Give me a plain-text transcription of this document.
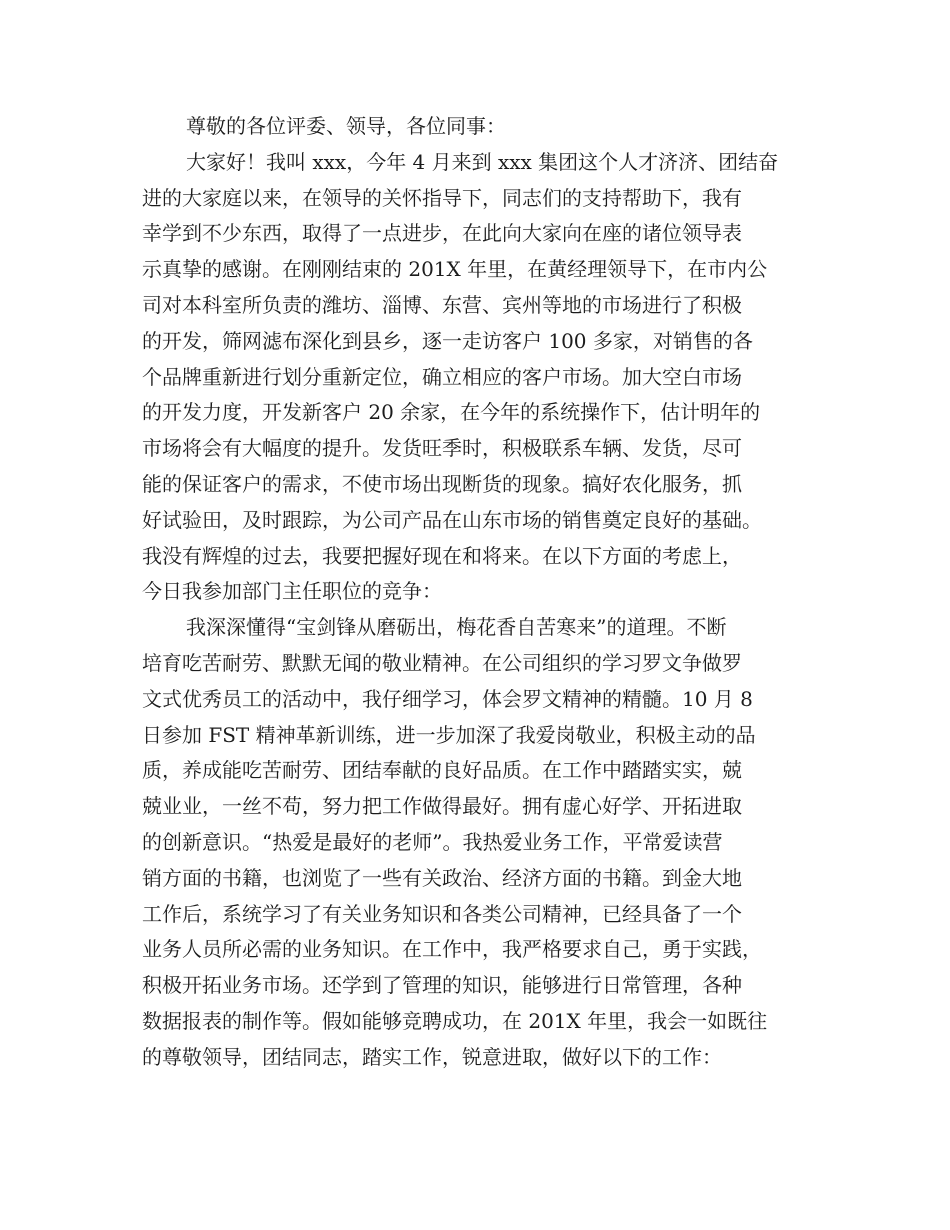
尊敬的各位评委、领导，各位同事：
大家好！我叫 xxx，今年 4 月来到 xxx 集团这个人才济济、团结奋
进的大家庭以来，在领导的关怀指导下，同志们的支持帮助下，我有
幸学到不少东西，取得了一点进步，在此向大家向在座的诸位领导表
示真挚的感谢。在刚刚结束的 201X 年里，在黄经理领导下，在市内公
司对本科室所负责的潍坊、淄博、东营、宾州等地的市场进行了积极
的开发，筛网滤布深化到县乡，逐一走访客户 100 多家，对销售的各
个品牌重新进行划分重新定位，确立相应的客户市场。加大空白市场
的开发力度，开发新客户 20 余家，在今年的系统操作下，估计明年的
市场将会有大幅度的提升。发货旺季时，积极联系车辆、发货，尽可
能的保证客户的需求，不使市场出现断货的现象。搞好农化服务，抓
好试验田，及时跟踪，为公司产品在山东市场的销售奠定良好的基础。
我没有辉煌的过去，我要把握好现在和将来。在以下方面的考虑上，
今日我参加部门主任职位的竞争：
我深深懂得“宝剑锋从磨砺出，梅花香自苦寒来”的道理。不断
培育吃苦耐劳、默默无闻的敬业精神。在公司组织的学习罗文争做罗
文式优秀员工的活动中，我仔细学习，体会罗文精神的精髓。10 月 8
日参加 FST 精神革新训练，进一步加深了我爱岗敬业，积极主动的品
质，养成能吃苦耐劳、团结奉献的良好品质。在工作中踏踏实实，兢
兢业业，一丝不苟，努力把工作做得最好。拥有虚心好学、开拓进取
的创新意识。“热爱是最好的老师”。我热爱业务工作，平常爱读营
销方面的书籍，也浏览了一些有关政治、经济方面的书籍。到金大地
工作后，系统学习了有关业务知识和各类公司精神，已经具备了一个
业务人员所必需的业务知识。在工作中，我严格要求自己，勇于实践，
积极开拓业务市场。还学到了管理的知识，能够进行日常管理，各种
数据报表的制作等。假如能够竞聘成功，在 201X 年里，我会一如既往
的尊敬领导，团结同志，踏实工作，锐意进取，做好以下的工作：
